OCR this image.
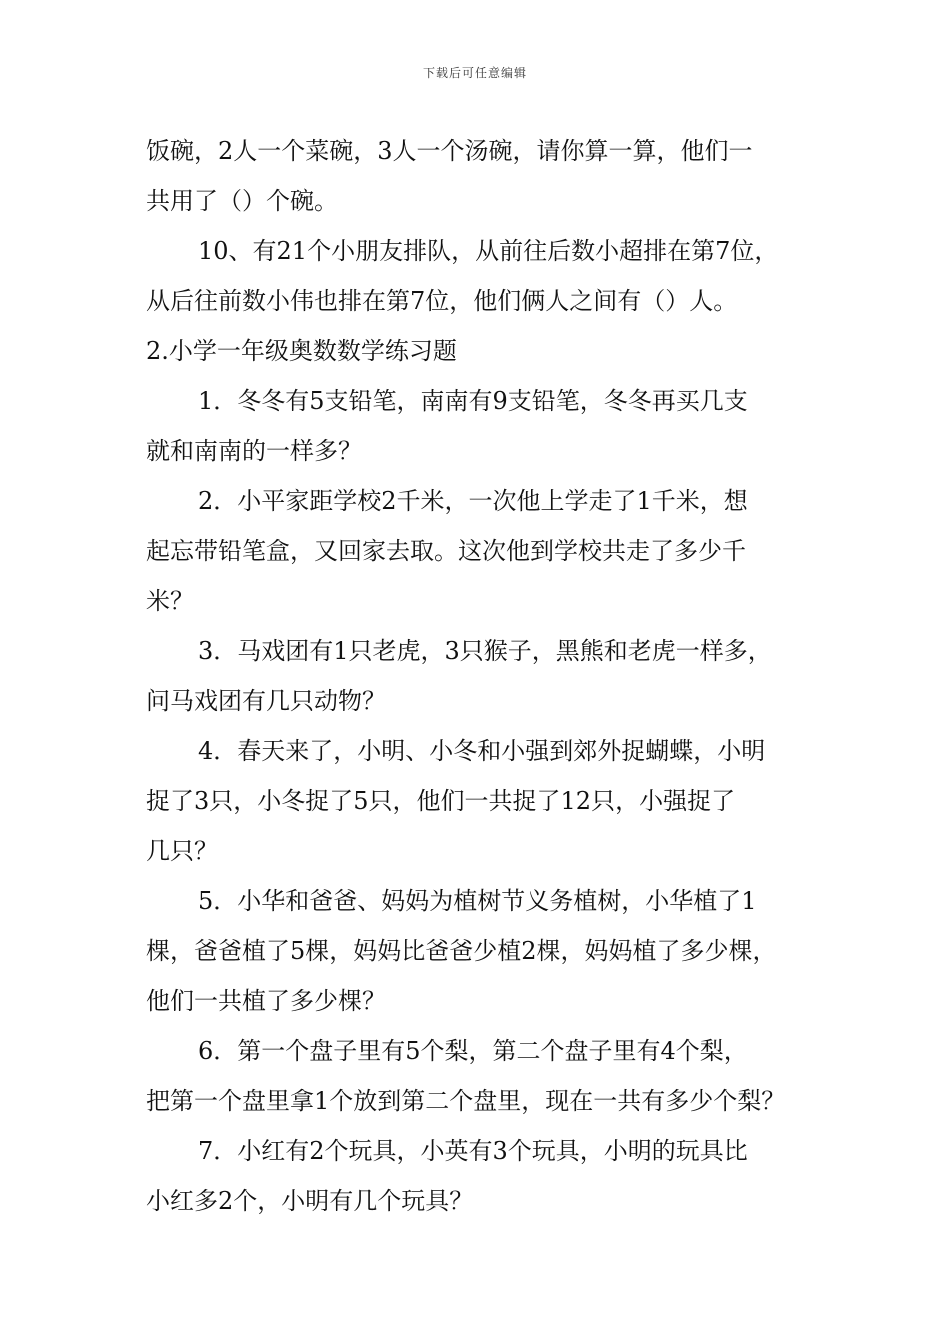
下载后可任意编辑
饭碗，2人一个菜碗，3人一个汤碗，请你算一算，他们一
共用了（）个碗。
10、有21个小朋友排队，从前往后数小超排在第7位，
从后往前数小伟也排在第7位，他们俩人之间有（）人。
2.小学一年级奥数数学练习题
1．冬冬有5支铅笔，南南有9支铅笔，冬冬再买几支
就和南南的一样多？
2．小平家距学校2千米，一次他上学走了1千米，想
起忘带铅笔盒，又回家去取。这次他到学校共走了多少千
米？
3．马戏团有1只老虎，3只猴子，黑熊和老虎一样多，
问马戏团有几只动物？
4．春天来了，小明、小冬和小强到郊外捉蝴蝶，小明
捉了3只，小冬捉了5只，他们一共捉了12只，小强捉了
几只？
5．小华和爸爸、妈妈为植树节义务植树，小华植了1
棵，爸爸植了5棵，妈妈比爸爸少植2棵，妈妈植了多少棵，
他们一共植了多少棵？
6．第一个盘子里有5个梨，第二个盘子里有4个梨，
把第一个盘里拿1个放到第二个盘里，现在一共有多少个梨？
7．小红有2个玩具，小英有3个玩具，小明的玩具比
小红多2个，小明有几个玩具？
